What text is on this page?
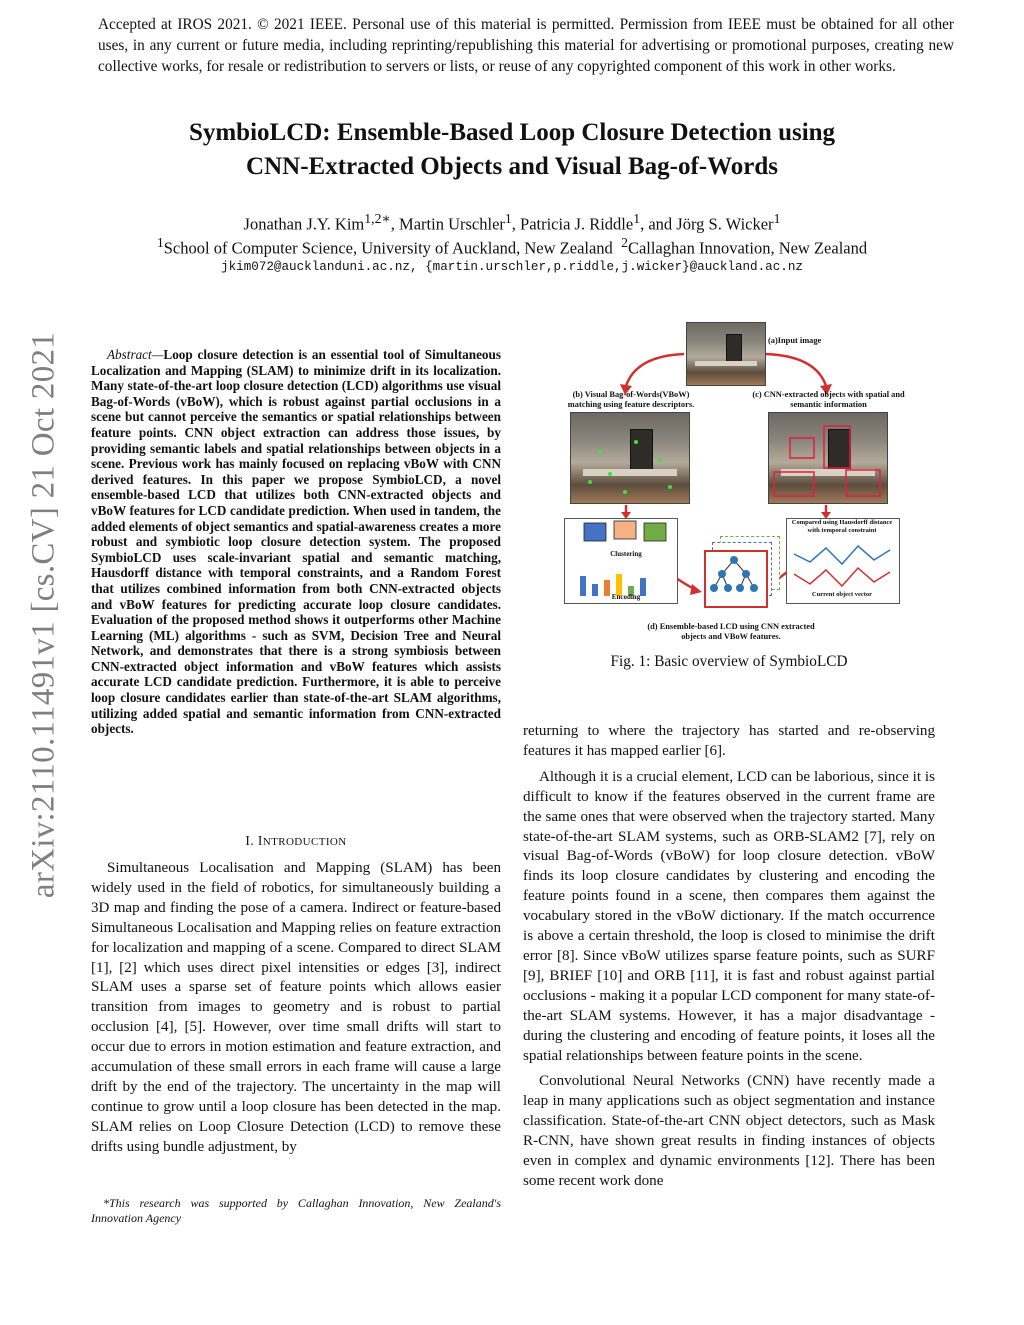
Accepted at IROS 2021. © 2021 IEEE. Personal use of this material is permitted. Permission from IEEE must be obtained for all other uses, in any current or future media, including reprinting/republishing this material for advertising or promotional purposes, creating new collective works, for resale or redistribution to servers or lists, or reuse of any copyrighted component of this work in other works.
SymbioLCD: Ensemble-Based Loop Closure Detection using
CNN-Extracted Objects and Visual Bag-of-Words
Jonathan J.Y. Kim$^{1,2∗}$, Martin Urschler$^1$, Patricia J. Riddle$^1$, and Jörg S. Wicker$^1$
$^1$School of Computer Science, University of Auckland, New Zealand $^2$Callaghan Innovation, New Zealand
jkim072@aucklanduni.ac.nz, {martin.urschler,p.riddle,j.wicker}@auckland.ac.nz
arXiv:2110.11491v1 [cs.CV] 21 Oct 2021	Abstract—Loop closure detection is an essential tool of Simultaneous Localization and Mapping (SLAM) to minimize drift in its localization. Many state-of-the-art loop closure detection (LCD) algorithms use visual Bag-of-Words (vBoW), which is robust against partial occlusions in a scene but cannot perceive the semantics or spatial relationships between feature points. CNN object extraction can address those issues, by providing semantic labels and spatial relationships between objects in a scene. Previous work has mainly focused on replacing vBoW with CNN derived features. In this paper we propose SymbioLCD, a novel ensemble-based LCD that utilizes both CNN-extracted objects and vBoW features for LCD candidate prediction. When used in tandem, the added elements of object semantics and spatial-awareness creates a more robust and symbiotic loop closure detection system. The proposed SymbioLCD uses scale-invariant spatial and semantic matching, Hausdorff distance with temporal constraints, and a Random Forest that utilizes combined information from both CNN-extracted objects and vBoW features for predicting accurate loop closure candidates. Evaluation of the proposed method shows it outperforms other Machine Learning (ML) algorithms - such as SVM, Decision Tree and Neural Network, and demonstrates that there is a strong symbiosis between CNN-extracted object information and vBoW features which assists accurate LCD candidate prediction. Furthermore, it is able to perceive loop closure candidates earlier than state-of-the-art SLAM algorithms, utilizing added spatial and semantic information from CNN-extracted objects.
I. INTRODUCTION

Simultaneous Localisation and Mapping (SLAM) has been widely used in the field of robotics, for simultaneously building a 3D map and finding the pose of a camera. Indirect or feature-based Simultaneous Localisation and Mapping relies on feature extraction for localization and mapping of a scene. Compared to direct SLAM [1], [2] which uses direct pixel intensities or edges [3], indirect SLAM uses a sparse set of feature points which allows easier transition from images to geometry and is robust to partial occlusion [4], [5]. However, over time small drifts will start to occur due to errors in motion estimation and feature extraction, and accumulation of these small errors in each frame will cause a large drift by the end of the trajectory. The uncertainty in the map will continue to grow until a loop closure has been detected in the map. SLAM relies on Loop Closure Detection (LCD) to remove these drifts using bundle adjustment, by

*This research was supported by Callaghan Innovation, New Zealand's Innovation Agency
(a)Input image
(b) Visual Bag-of-Words(VBoW) matching using feature descriptors.
(c) CNN-extracted objects with spatial and semantic information
Clustering
Encoding
Compared using Hausdorff distance with temporal constraint
Current object vector
(d) Ensemble-based LCD using CNN extracted objects and VBoW features.
Fig. 1: Basic overview of SymbioLCD

returning to where the trajectory has started and re-observing features it has mapped earlier [6].

Although it is a crucial element, LCD can be laborious, since it is difficult to know if the features observed in the current frame are the same ones that were observed when the trajectory started. Many state-of-the-art SLAM systems, such as ORB-SLAM2 [7], rely on visual Bag-of-Words (vBoW) for loop closure detection. vBoW finds its loop closure candidates by clustering and encoding the feature points found in a scene, then compares them against the vocabulary stored in the vBoW dictionary. If the match occurrence is above a certain threshold, the loop is closed to minimise the drift error [8]. Since vBoW utilizes sparse feature points, such as SURF [9], BRIEF [10] and ORB [11], it is fast and robust against partial occlusions - making it a popular LCD component for many state-of-the-art SLAM systems. However, it has a major disadvantage - during the clustering and encoding of feature points, it loses all the spatial relationships between feature points in the scene.

Convolutional Neural Networks (CNN) have recently made a leap in many applications such as object segmentation and instance classification. State-of-the-art CNN object detectors, such as Mask R-CNN, have shown great results in finding instances of objects even in complex and dynamic environments [12]. There has been some recent work done
